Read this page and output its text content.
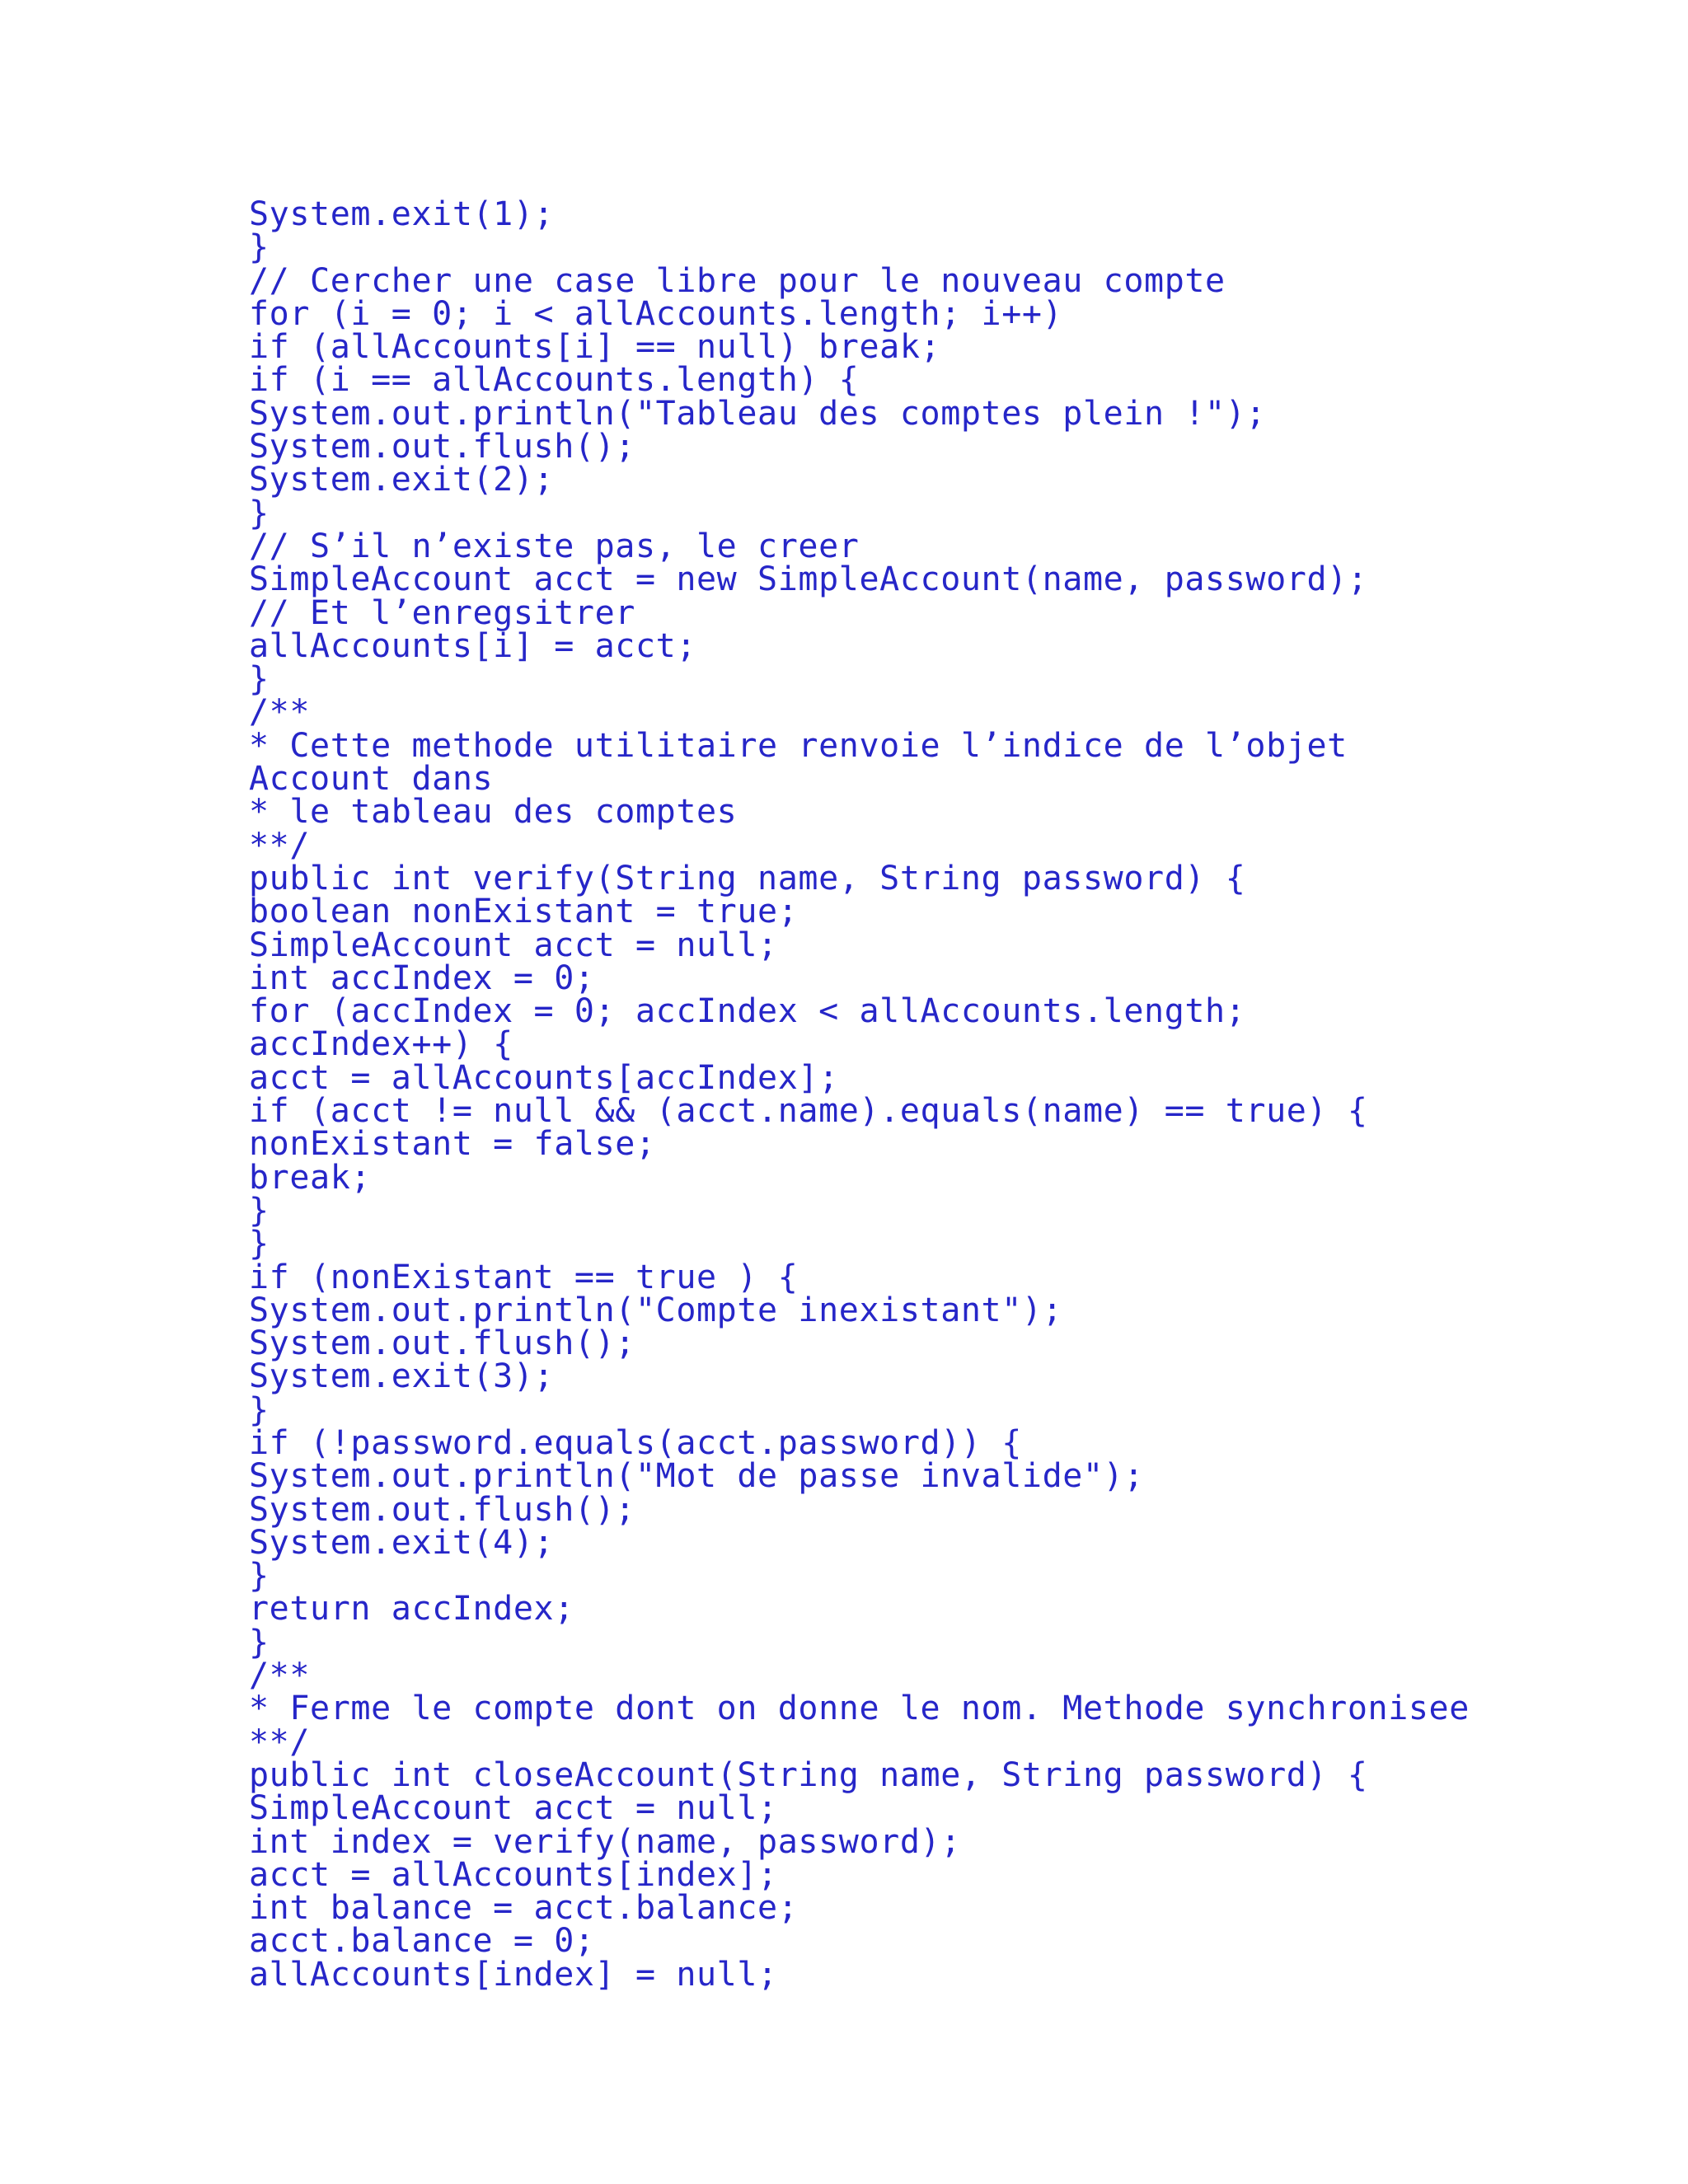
System.exit(1);
}
// Cercher une case libre pour le nouveau compte
for (i = 0; i < allAccounts.length; i++)
if (allAccounts[i] == null) break;
if (i == allAccounts.length) {
System.out.println("Tableau des comptes plein !");
System.out.flush();
System.exit(2);
}
// S’il n’existe pas, le creer
SimpleAccount acct = new SimpleAccount(name, password);
// Et l’enregsitrer
allAccounts[i] = acct;
}
/**
* Cette methode utilitaire renvoie l’indice de l’objet
Account dans
* le tableau des comptes
**/
public int verify(String name, String password) {
boolean nonExistant = true;
SimpleAccount acct = null;
int accIndex = 0;
for (accIndex = 0; accIndex < allAccounts.length;
accIndex++) {
acct = allAccounts[accIndex];
if (acct != null && (acct.name).equals(name) == true) {
nonExistant = false;
break;
}
}
if (nonExistant == true ) {
System.out.println("Compte inexistant");
System.out.flush();
System.exit(3);
}
if (!password.equals(acct.password)) {
System.out.println("Mot de passe invalide");
System.out.flush();
System.exit(4);
}
return accIndex;
}
/**
* Ferme le compte dont on donne le nom. Methode synchronisee
**/
public int closeAccount(String name, String password) {
SimpleAccount acct = null;
int index = verify(name, password);
acct = allAccounts[index];
int balance = acct.balance;
acct.balance = 0;
allAccounts[index] = null;
